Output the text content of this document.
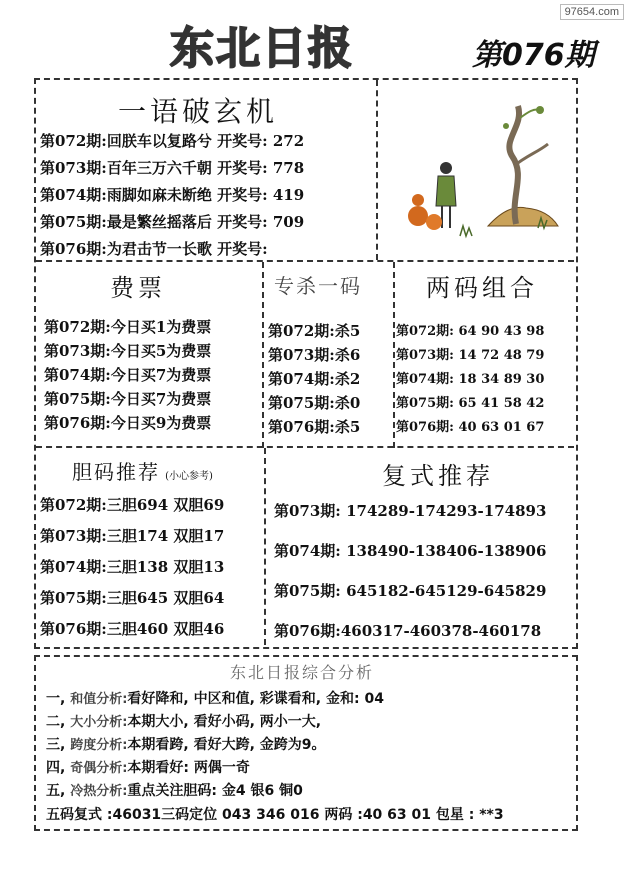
97654.com
东北日报	第076期
一语破玄机
第072期:回朕车以复路兮 开奖号: 272
第073期:百年三万六千朝 开奖号: 778
第074期:雨脚如麻未断绝 开奖号: 419
第075期:最是繁丝摇落后 开奖号: 709
第076期:为君击节一长歌 开奖号:
费票
第072期:今日买1为费票
第073期:今日买5为费票
第074期:今日买7为费票
第075期:今日买7为费票
第076期:今日买9为费票
专杀一码
第072期:杀5
第073期:杀6
第074期:杀2
第075期:杀0
第076期:杀5
两码组合
第072期: 64 90 43 98
第073期: 14 72 48 79
第074期: 18 34 89 30
第075期: 65 41 58 42
第076期: 40 63 01 67
胆码推荐 (小心参考)
第072期:三胆694 双胆69
第073期:三胆174 双胆17
第074期:三胆138 双胆13
第075期:三胆645 双胆64
第076期:三胆460 双胆46
复式推荐
第073期: 174289-174293-174893
第074期: 138490-138406-138906
第075期: 645182-645129-645829
第076期:460317-460378-460178
东北日报综合分析
一, 和值分析:看好降和, 中区和值, 彩谍看和, 金和: 04
二, 大小分析:本期大小, 看好小码, 两小一大,
三, 跨度分析:本期看跨, 看好大跨, 金跨为9。
四, 奇偶分析:本期看好: 两偶一奇
五, 冷热分析:重点关注胆码: 金4 银6 铜0
五码复式 :46031三码定位 043 346 016 两码 :40 63 01 包星 : **3
